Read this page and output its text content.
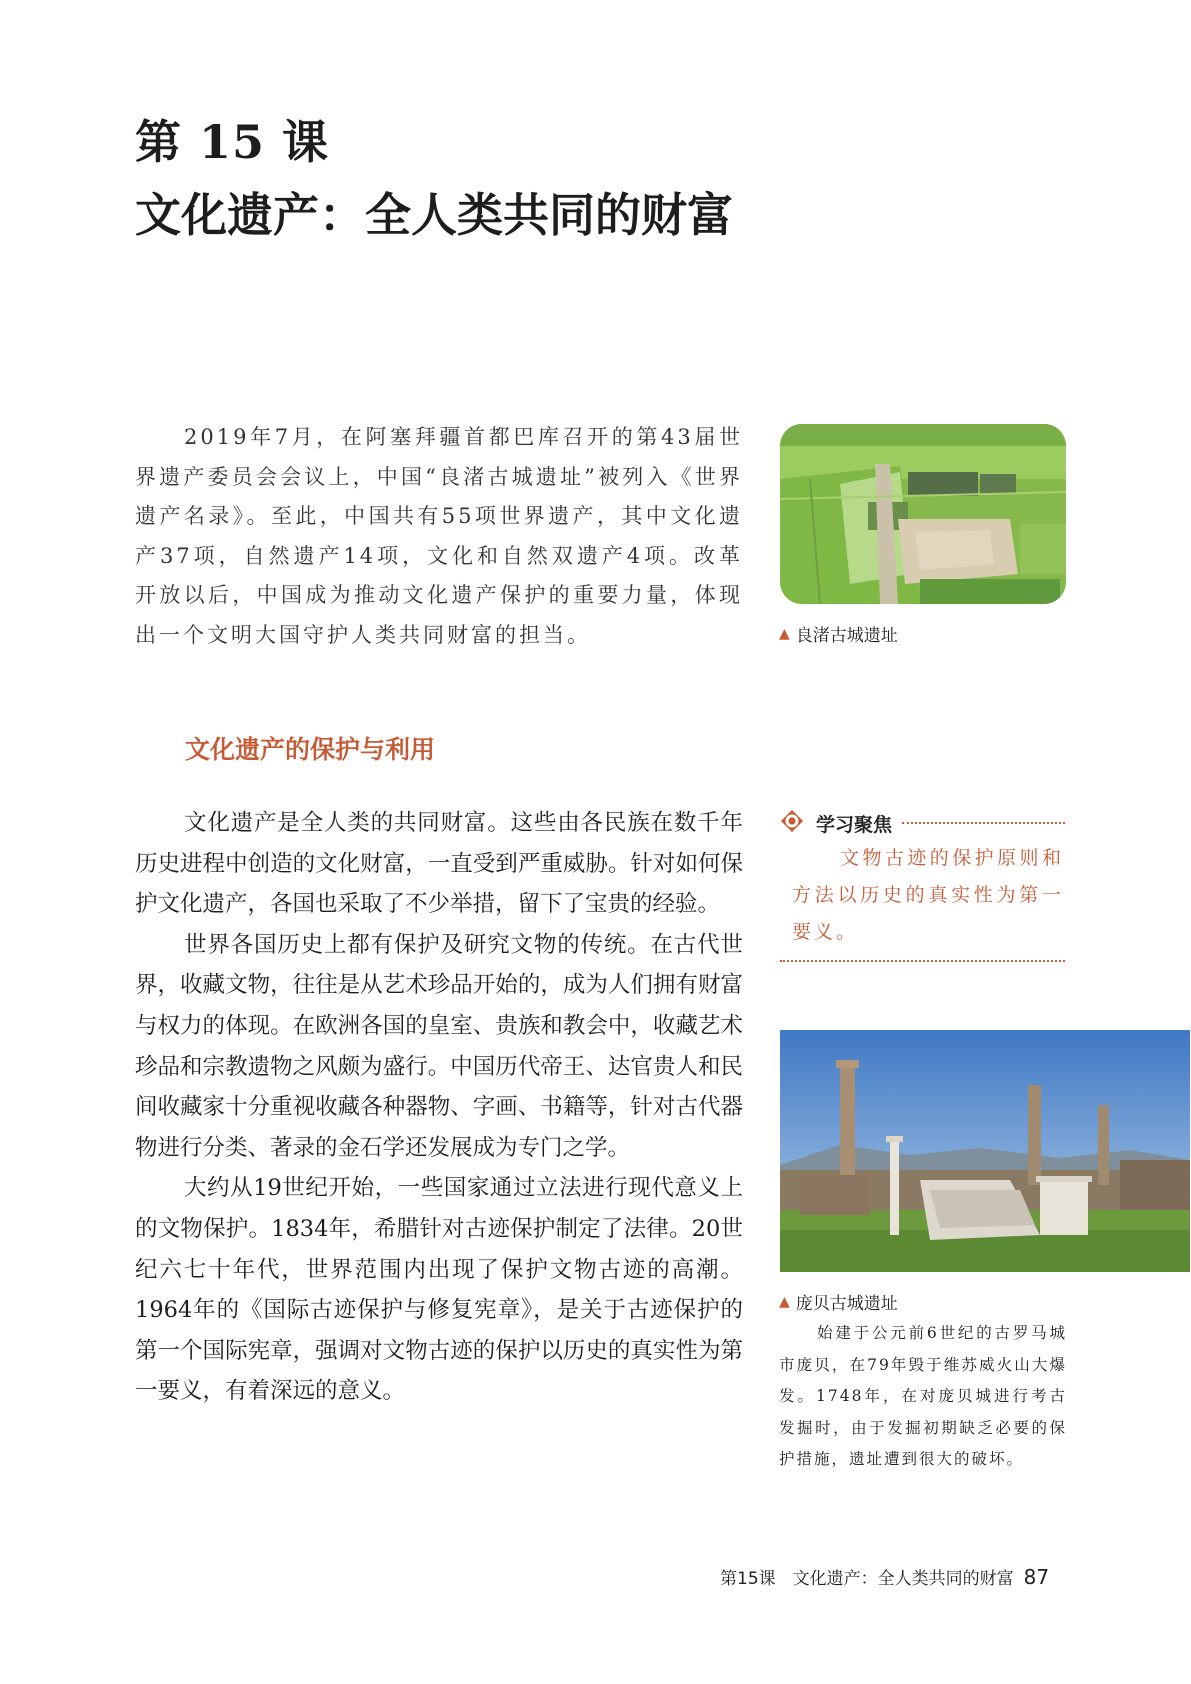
第 15 课
文化遗产：全人类共同的财富

2019年7月，在阿塞拜疆首都巴库召开的第43届世界遗产委员会会议上，中国“良渚古城遗址”被列入《世界遗产名录》。至此，中国共有55项世界遗产，其中文化遗产37项，自然遗产14项，文化和自然双遗产4项。改革开放以后，中国成为推动文化遗产保护的重要力量，体现出一个文明大国守护人类共同财富的担当。	▲ 良渚古城遗址
文化遗产的保护与利用

文化遗产是全人类的共同财富。这些由各民族在数千年历史进程中创造的文化财富，一直受到严重威胁。针对如何保护文化遗产，各国也采取了不少举措，留下了宝贵的经验。

世界各国历史上都有保护及研究文物的传统。在古代世界，收藏文物，往往是从艺术珍品开始的，成为人们拥有财富与权力的体现。在欧洲各国的皇室、贵族和教会中，收藏艺术珍品和宗教遗物之风颇为盛行。中国历代帝王、达官贵人和民间收藏家十分重视收藏各种器物、字画、书籍等，针对古代器物进行分类、著录的金石学还发展成为专门之学。

大约从19世纪开始，一些国家通过立法进行现代意义上的文物保护。1834年，希腊针对古迹保护制定了法律。20世纪六七十年代，世界范围内出现了保护文物古迹的高潮。1964年的《国际古迹保护与修复宪章》，是关于古迹保护的第一个国际宪章，强调对文物古迹的保护以历史的真实性为第一要义，有着深远的意义。

学习聚焦

文物古迹的保护原则和方法以历史的真实性为第一要义。

▲ 庞贝古城遗址

始建于公元前6世纪的古罗马城市庞贝，在79年毁于维苏威火山大爆发。1748年，在对庞贝城进行考古发掘时，由于发掘初期缺乏必要的保护措施，遗址遭到很大的破坏。

第15课　文化遗产：全人类共同的财富 87
